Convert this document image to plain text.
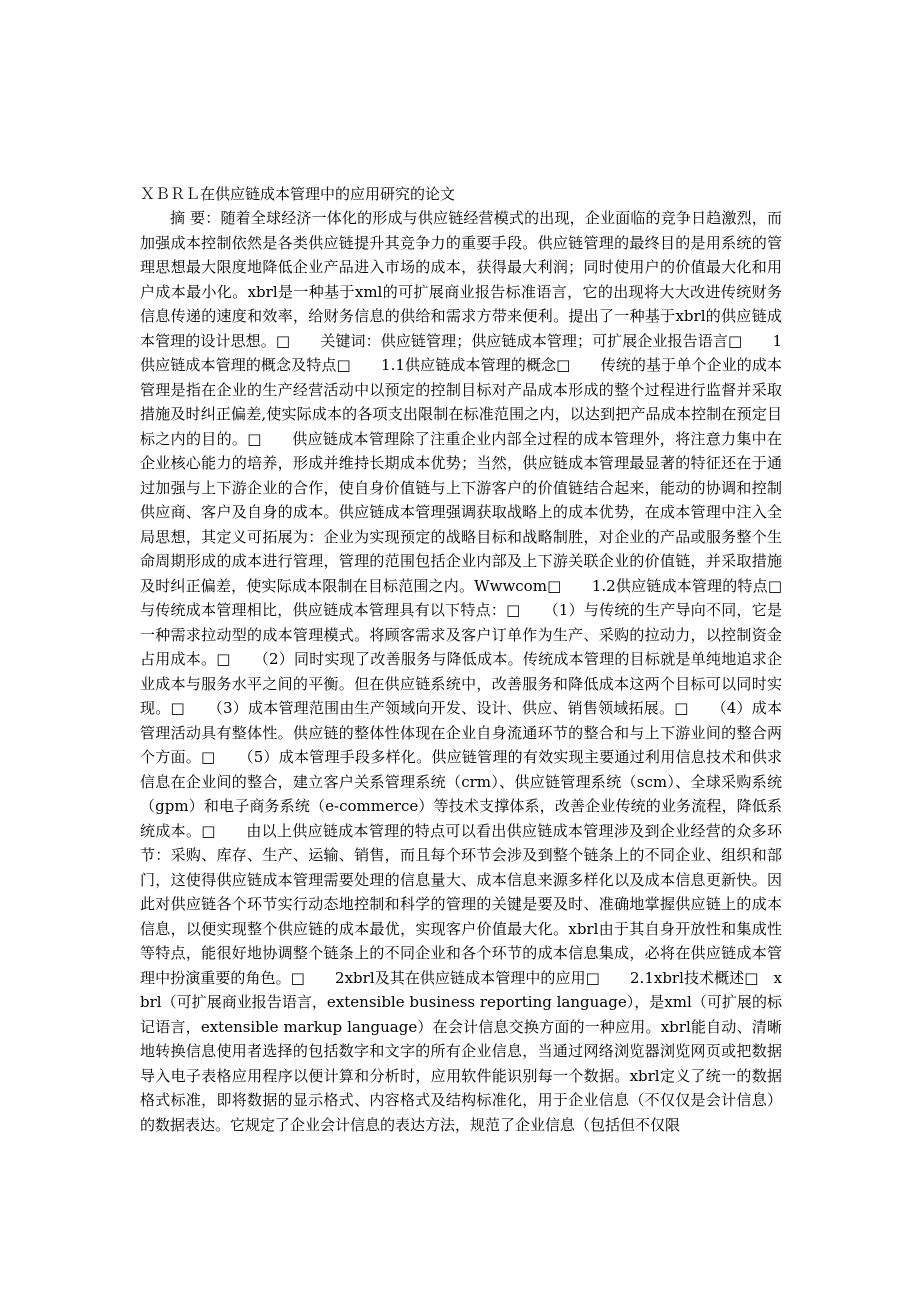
ＸＢＲＬ在供应链成本管理中的应用研究的论文

摘 要：随着全球经济一体化的形成与供应链经营模式的出现，企业面临的竞争日趋激烈，而加强成本控制依然是各类供应链提升其竞争力的重要手段。供应链管理的最终目的是用系统的管理思想最大限度地降低企业产品进入市场的成本，获得最大利润；同时使用户的价值最大化和用户成本最小化。xbrl是一种基于xml的可扩展商业报告标准语言，它的出现将大大改进传统财务信息传递的速度和效率，给财务信息的供给和需求方带来便利。提出了一种基于xbrl的供应链成本管理的设计思想。□　　关键词：供应链管理；供应链成本管理；可扩展企业报告语言□　　1供应链成本管理的概念及特点□　　1.1供应链成本管理的概念□　　传统的基于单个企业的成本管理是指在企业的生产经营活动中以预定的控制目标对产品成本形成的整个过程进行监督并采取措施及时纠正偏差,使实际成本的各项支出限制在标准范围之内，以达到把产品成本控制在预定目标之内的目的。□　　供应链成本管理除了注重企业内部全过程的成本管理外，将注意力集中在企业核心能力的培养，形成并维持长期成本优势；当然，供应链成本管理最显著的特征还在于通过加强与上下游企业的合作，使自身价值链与上下游客户的价值链结合起来，能动的协调和控制供应商、客户及自身的成本。供应链成本管理强调获取战略上的成本优势，在成本管理中注入全局思想，其定义可拓展为：企业为实现预定的战略目标和战略制胜，对企业的产品或服务整个生命周期形成的成本进行管理，管理的范围包括企业内部及上下游关联企业的价值链，并采取措施及时纠正偏差，使实际成本限制在目标范围之内。Wwwcom□　　1.2供应链成本管理的特点□　与传统成本管理相比，供应链成本管理具有以下特点：□　　（1）与传统的生产导向不同，它是一种需求拉动型的成本管理模式。将顾客需求及客户订单作为生产、采购的拉动力，以控制资金占用成本。□　　（2）同时实现了改善服务与降低成本。传统成本管理的目标就是单纯地追求企业成本与服务水平之间的平衡。但在供应链系统中，改善服务和降低成本这两个目标可以同时实现。□　　（3）成本管理范围由生产领域向开发、设计、供应、销售领域拓展。□　　（4）成本管理活动具有整体性。供应链的整体性体现在企业自身流通环节的整合和与上下游业间的整合两个方面。□　　（5）成本管理手段多样化。供应链管理的有效实现主要通过利用信息技术和供求信息在企业间的整合，建立客户关系管理系统（crm）、供应链管理系统（scm）、全球采购系统（gpm）和电子商务系统（e-commerce）等技术支撑体系，改善企业传统的业务流程，降低系统成本。□　　由以上供应链成本管理的特点可以看出供应链成本管理涉及到企业经营的众多环节：采购、库存、生产、运输、销售，而且每个环节会涉及到整个链条上的不同企业、组织和部门，这使得供应链成本管理需要处理的信息量大、成本信息来源多样化以及成本信息更新快。因此对供应链各个环节实行动态地控制和科学的管理的关键是要及时、准确地掌握供应链上的成本信息，以便实现整个供应链的成本最优，实现客户价值最大化。xbrl由于其自身开放性和集成性等特点，能很好地协调整个链条上的不同企业和各个环节的成本信息集成，必将在供应链成本管理中扮演重要的角色。□　　2xbrl及其在供应链成本管理中的应用□　　2.1xbrl技术概述□　xbrl（可扩展商业报告语言，extensible business reporting language），是xml（可扩展的标记语言，extensible markup language）在会计信息交换方面的一种应用。xbrl能自动、清晰地转换信息使用者选择的包括数字和文字的所有企业信息，当通过网络浏览器浏览网页或把数据导入电子表格应用程序以便计算和分析时，应用软件能识别每一个数据。xbrl定义了统一的数据格式标准，即将数据的显示格式、内容格式及结构标准化，用于企业信息（不仅仅是会计信息）的数据表达。它规定了企业会计信息的表达方法，规范了企业信息（包括但不仅限
